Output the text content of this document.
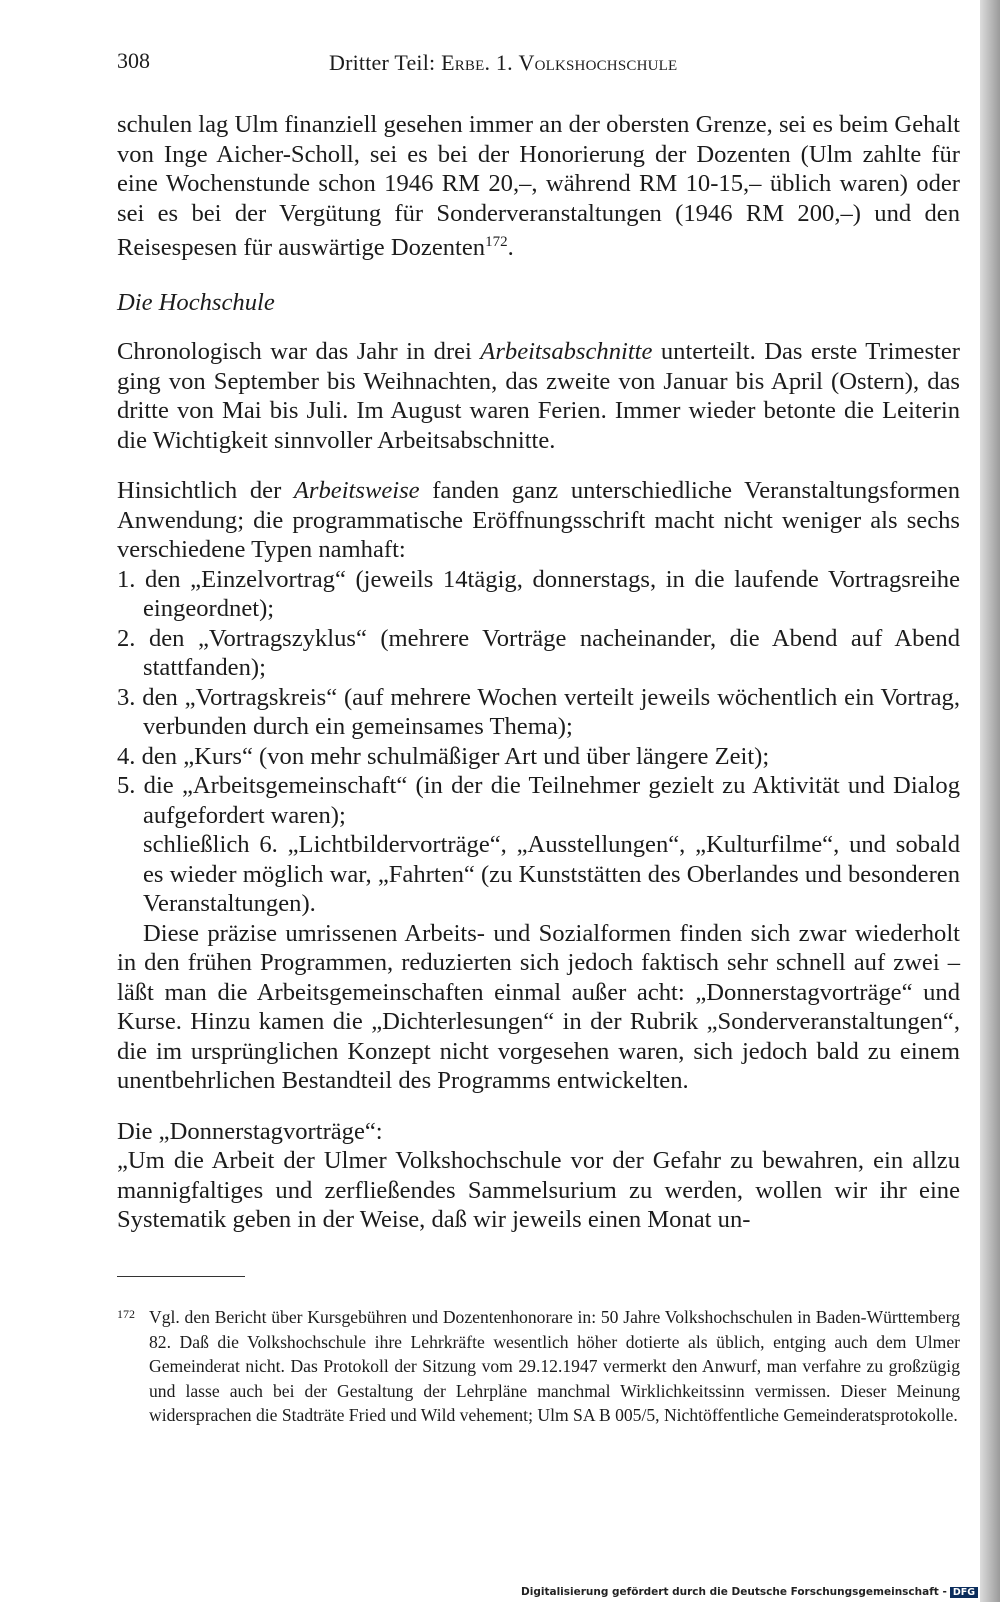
308	Dritter Teil: Erbe. 1. Volkshochschule

schulen lag Ulm finanziell gesehen immer an der obersten Grenze, sei es beim Gehalt von Inge Aicher-Scholl, sei es bei der Honorierung der Dozenten (Ulm zahlte für eine Wochenstunde schon 1946 RM 20,–, während RM 10-15,– üblich waren) oder sei es bei der Vergütung für Sonderveranstaltungen (1946 RM 200,–) und den Reisespesen für auswärtige Dozenten$^{172}$.

Die Hochschule

Chronologisch war das Jahr in drei Arbeitsabschnitte unterteilt. Das erste Trimester ging von September bis Weihnachten, das zweite von Januar bis April (Ostern), das dritte von Mai bis Juli. Im August waren Ferien. Immer wieder betonte die Leiterin die Wichtigkeit sinnvoller Arbeitsabschnitte.

Hinsichtlich der Arbeitsweise fanden ganz unterschiedliche Veranstaltungsformen Anwendung; die programmatische Eröffnungsschrift macht nicht weniger als sechs verschiedene Typen namhaft:

1. den „Einzelvortrag“ (jeweils 14tägig, donnerstags, in die laufende Vortragsreihe eingeordnet);
2. den „Vortragszyklus“ (mehrere Vorträge nacheinander, die Abend auf Abend stattfanden);
3. den „Vortragskreis“ (auf mehrere Wochen verteilt jeweils wöchentlich ein Vortrag, verbunden durch ein gemeinsames Thema);
4. den „Kurs“ (von mehr schulmäßiger Art und über längere Zeit);
5. die „Arbeitsgemeinschaft“ (in der die Teilnehmer gezielt zu Aktivität und Dialog aufgefordert waren);

schließlich 6. „Lichtbildervorträge“, „Ausstellungen“, „Kulturfilme“, und sobald es wieder möglich war, „Fahrten“ (zu Kunststätten des Oberlandes und besonderen Veranstaltungen).

Diese präzise umrissenen Arbeits- und Sozialformen finden sich zwar wiederholt in den frühen Programmen, reduzierten sich jedoch faktisch sehr schnell auf zwei – läßt man die Arbeitsgemeinschaften einmal außer acht: „Donnerstagvorträge“ und Kurse. Hinzu kamen die „Dichterlesungen“ in der Rubrik „Sonderveranstaltungen“, die im ursprünglichen Konzept nicht vorgesehen waren, sich jedoch bald zu einem unentbehrlichen Bestandteil des Programms entwickelten.

Die „Donnerstagvorträge“:

„Um die Arbeit der Ulmer Volkshochschule vor der Gefahr zu bewahren, ein allzu mannigfaltiges und zerfließendes Sammelsurium zu werden, wollen wir ihr eine Systematik geben in der Weise, daß wir jeweils einen Monat un-

172 Vgl. den Bericht über Kursgebühren und Dozentenhonorare in: 50 Jahre Volkshochschulen in Baden-Württemberg 82. Daß die Volkshochschule ihre Lehrkräfte wesentlich höher dotierte als üblich, entging auch dem Ulmer Gemeinderat nicht. Das Protokoll der Sitzung vom 29.12.1947 vermerkt den Anwurf, man verfahre zu großzügig und lasse auch bei der Gestaltung der Lehrpläne manchmal Wirklichkeitssinn vermissen. Dieser Meinung widersprachen die Stadträte Fried und Wild vehement; Ulm SA B 005/5, Nichtöffentliche Gemeinderatsprotokolle.
Digitalisierung gefördert durch die Deutsche Forschungsgemeinschaft - DFG
